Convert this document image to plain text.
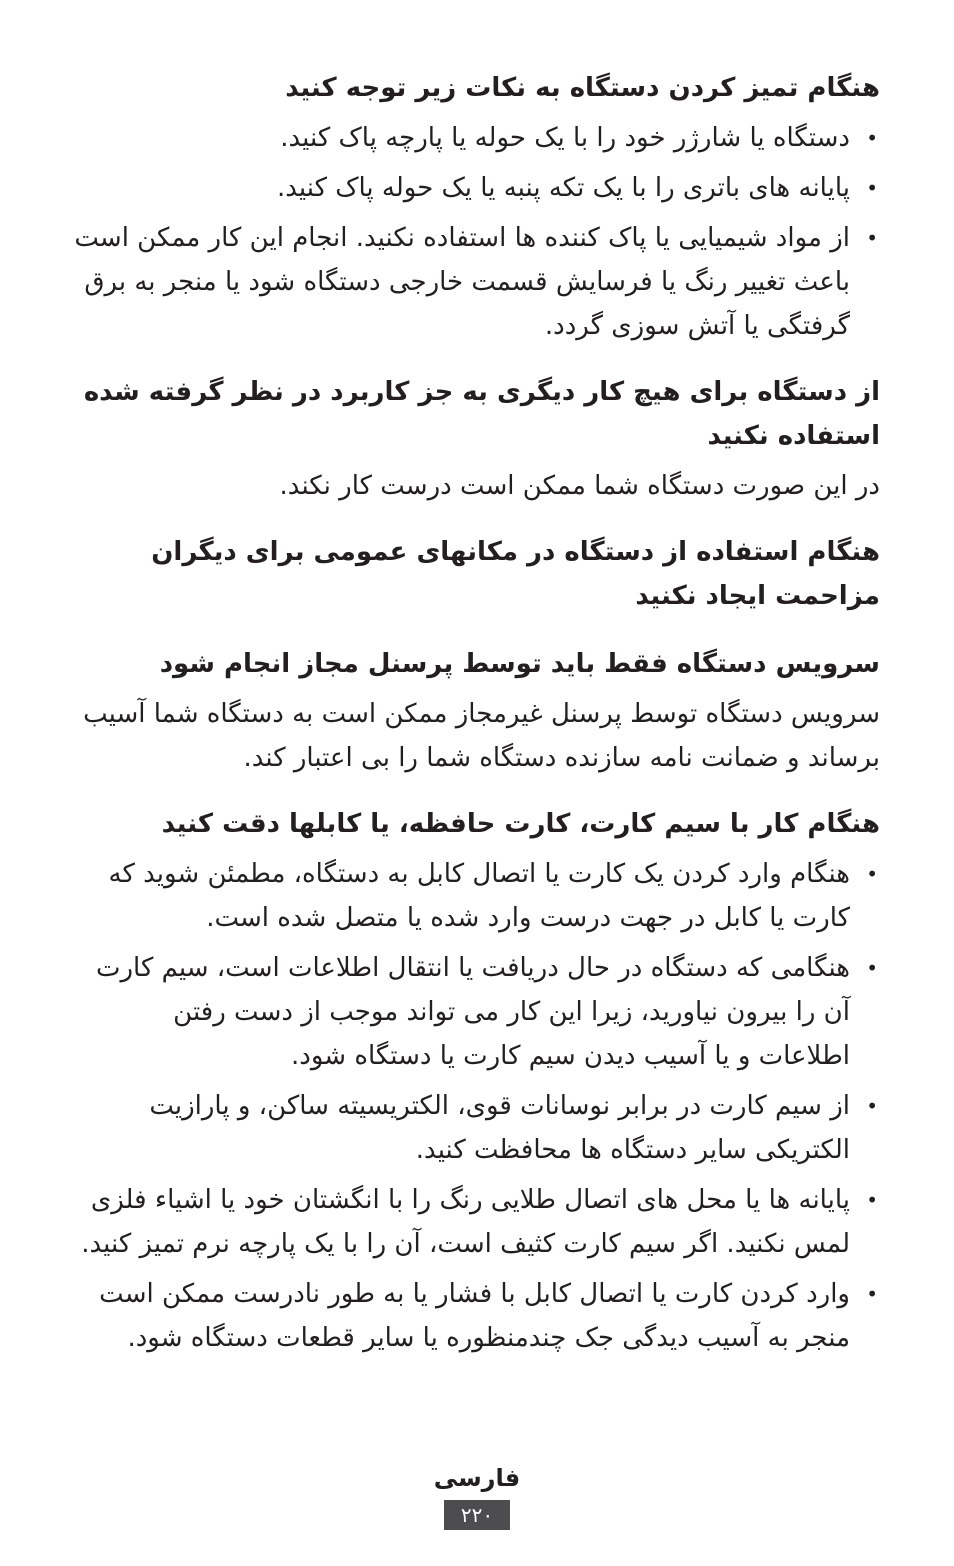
هنگام تمیز کردن دستگاه به نکات زیر توجه کنید
•
دستگاه یا شارژر خود را با یک حوله یا پارچه پاک کنید.
•
پایانه های باتری را با یک تکه پنبه یا یک حوله پاک کنید.
•
از مواد شیمیایی یا پاک کننده ها استفاده نکنید. انجام این کار ممکن است باعث تغییر رنگ یا فرسایش قسمت خارجی دستگاه شود یا منجر به برق گرفتگی یا آتش سوزی گردد.
از دستگاه برای هیچ کار دیگری به جز کاربرد در نظر گرفته شده استفاده نکنید

در این صورت دستگاه شما ممکن است درست کار نکند.

هنگام استفاده از دستگاه در مکانهای عمومی برای دیگران مزاحمت ایجاد نکنید
سرویس دستگاه فقط باید توسط پرسنل مجاز انجام شود

سرویس دستگاه توسط پرسنل غیرمجاز ممکن است به دستگاه شما آسیب برساند و ضمانت نامه سازنده دستگاه شما را بی اعتبار کند.

هنگام کار با سیم کارت، کارت حافظه، یا کابلها دقت کنید
•
هنگام وارد کردن یک کارت یا اتصال کابل به دستگاه، مطمئن شوید که کارت یا کابل در جهت درست وارد شده یا متصل شده است.
•
هنگامی که دستگاه در حال دریافت یا انتقال اطلاعات است، سیم کارت آن را بیرون نیاورید، زیرا این کار می تواند موجب از دست رفتن اطلاعات و یا آسیب دیدن سیم کارت یا دستگاه شود.
•
از سیم کارت در برابر نوسانات قوی، الکتریسیته ساکن، و پارازیت الکتریکی سایر دستگاه ها محافظت کنید.
•
پایانه ها یا محل های اتصال طلایی رنگ را با انگشتان خود یا اشیاء فلزی لمس نکنید. اگر سیم کارت کثیف است، آن را با یک پارچه نرم تمیز کنید.
•
وارد کردن کارت یا اتصال کابل با فشار یا به طور نادرست ممکن است منجر به آسیب دیدگی جک چندمنظوره یا سایر قطعات دستگاه شود.
فارسی
۲۲۰
